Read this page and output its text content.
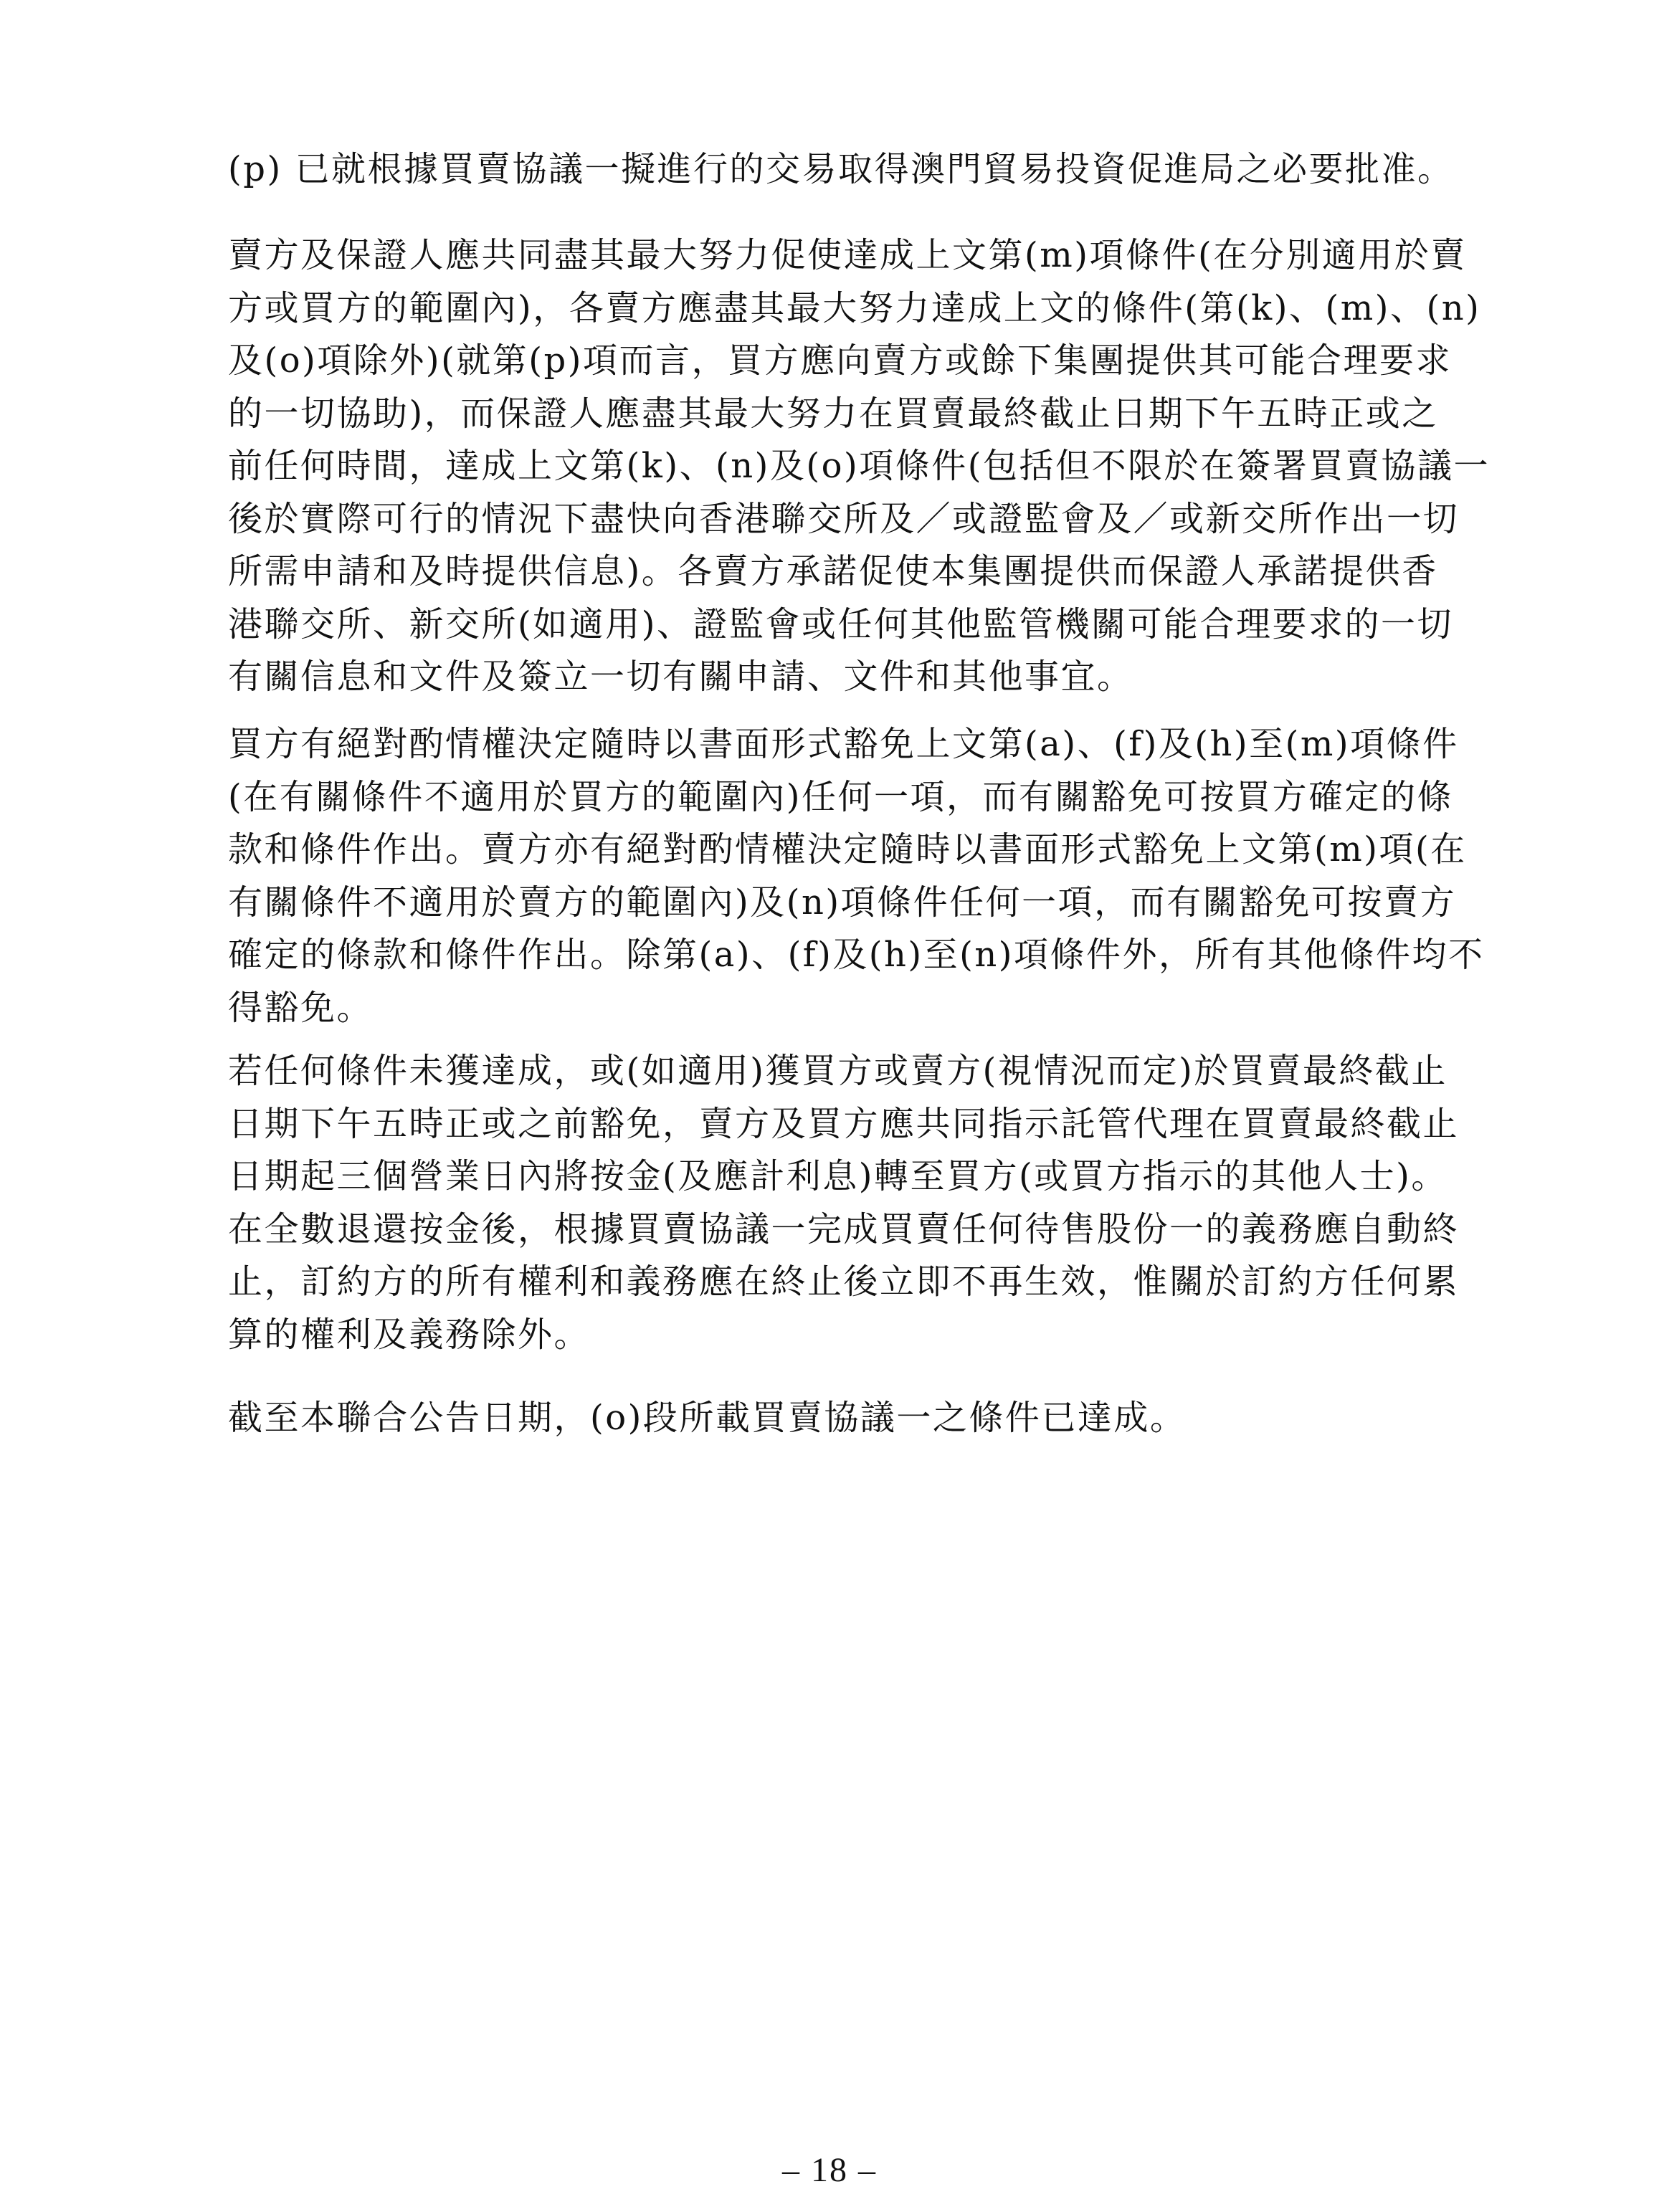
(p) 已就根據買賣協議一擬進行的交易取得澳門貿易投資促進局之必要批准。
賣方及保證人應共同盡其最大努力促使達成上文第(m)項條件(在分別適用於賣
方或買方的範圍內)，各賣方應盡其最大努力達成上文的條件(第(k)、(m)、(n)
及(o)項除外)(就第(p)項而言，買方應向賣方或餘下集團提供其可能合理要求
的一切協助)，而保證人應盡其最大努力在買賣最終截止日期下午五時正或之
前任何時間，達成上文第(k)、(n)及(o)項條件(包括但不限於在簽署買賣協議一
後於實際可行的情況下盡快向香港聯交所及／或證監會及／或新交所作出一切
所需申請和及時提供信息)。各賣方承諾促使本集團提供而保證人承諾提供香
港聯交所、新交所(如適用)、證監會或任何其他監管機關可能合理要求的一切
有關信息和文件及簽立一切有關申請、文件和其他事宜。
買方有絕對酌情權決定隨時以書面形式豁免上文第(a)、(f)及(h)至(m)項條件
(在有關條件不適用於買方的範圍內)任何一項，而有關豁免可按買方確定的條
款和條件作出。賣方亦有絕對酌情權決定隨時以書面形式豁免上文第(m)項(在
有關條件不適用於賣方的範圍內)及(n)項條件任何一項，而有關豁免可按賣方
確定的條款和條件作出。除第(a)、(f)及(h)至(n)項條件外，所有其他條件均不
得豁免。
若任何條件未獲達成，或(如適用)獲買方或賣方(視情況而定)於買賣最終截止
日期下午五時正或之前豁免，賣方及買方應共同指示託管代理在買賣最終截止
日期起三個營業日內將按金(及應計利息)轉至買方(或買方指示的其他人士)。
在全數退還按金後，根據買賣協議一完成買賣任何待售股份一的義務應自動終
止，訂約方的所有權利和義務應在終止後立即不再生效，惟關於訂約方任何累
算的權利及義務除外。
截至本聯合公告日期，(o)段所載買賣協議一之條件已達成。
– 18 –
